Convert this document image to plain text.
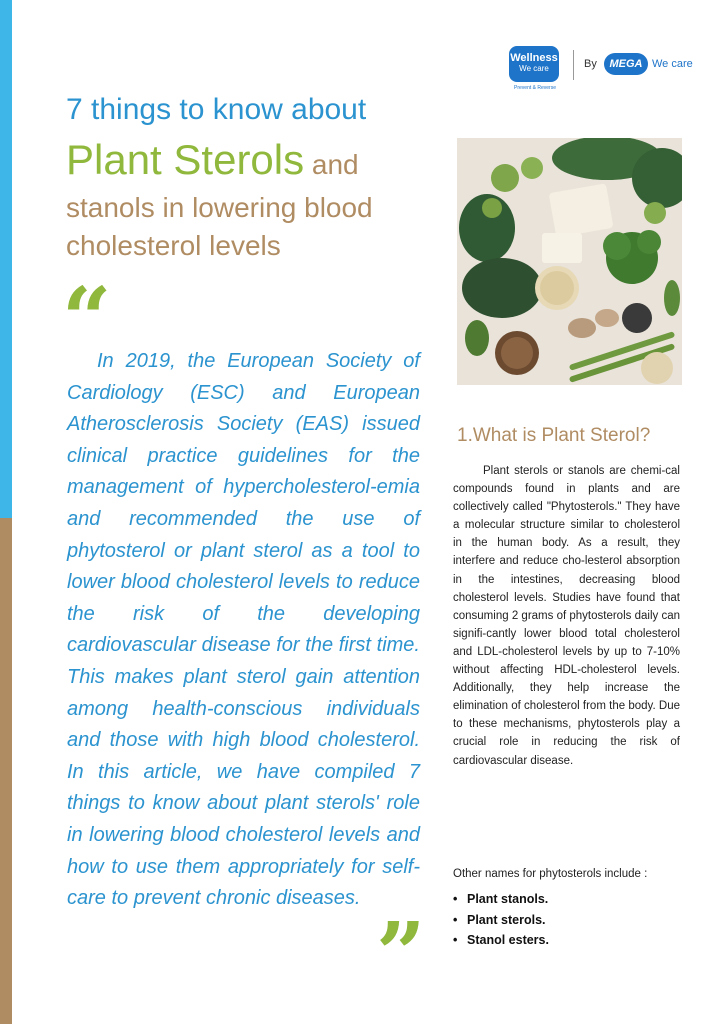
Wellness
We care
Prevent & Reverse
By	MEGA We care
7 things to know about
Plant Sterols and
stanols in lowering blood cholesterol levels
“
In 2019, the European Society of Cardiology (ESC) and European Atherosclerosis Society (EAS) issued clinical practice guidelines for the management of hypercholesterol-emia and recommended the use of phytosterol or plant sterol as a tool to lower blood cholesterol levels to reduce the risk of the developing cardiovascular disease for the first time. This makes plant sterol gain attention among health-conscious individuals and those with high blood cholesterol. In this article, we have compiled 7 things to know about plant sterols' role in lowering blood cholesterol levels and how to use them appropriately for self-care to prevent chronic diseases.
”
1.What is Plant Sterol?
Plant sterols or stanols are chemi-cal compounds found in plants and are collectively called "Phytosterols." They have a molecular structure similar to cholesterol in the human body. As a result, they interfere and reduce cho-lesterol absorption in the intestines, decreasing blood cholesterol levels. Studies have found that consuming 2 grams of phytosterols daily can signifi-cantly lower blood total cholesterol and LDL-cholesterol levels by up to 7-10% without affecting HDL-cholesterol levels. Additionally, they help increase the elimination of cholesterol from the body. Due to these mechanisms, phytosterols play a crucial role in reducing the risk of cardiovascular disease.
Other names for phytosterols include :
• Plant stanols.
• Plant sterols.
• Stanol esters.
